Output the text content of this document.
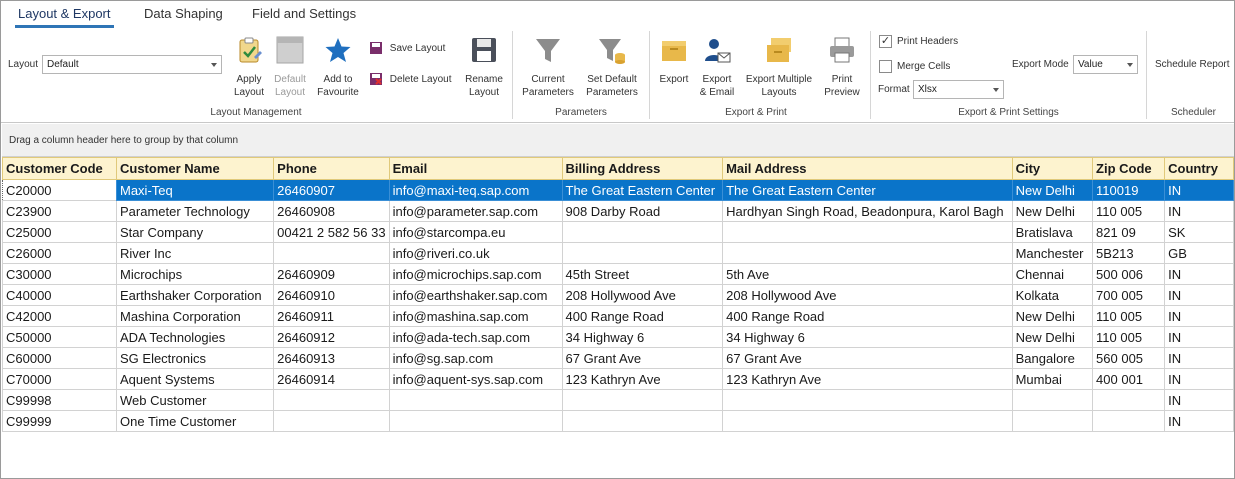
Layout & Export	Data Shaping Field and Settings
Layout Default
Apply
Layout
Default
Layout
Add to
Favourite
Save Layout
Delete Layout Rename
Layout
Layout Management
Current
Parameters
Set Default
Parameters
Parameters
Export	Export
& Email
Export Multiple
Layouts
Print
Preview
Export & Print
✓ Print Headers
Merge Cells
Format Xlsx
Export Mode Value
Export & Print Settings
Schedule Report
Scheduler
Drag a column header here to group by that column
Customer Code	Customer Name	Phone	Email	Billing Address	Mail Address	City	Zip Code	Country
C20000	Maxi-Teq	26460907	info@maxi-teq.sap.com	The Great Eastern Center	The Great Eastern Center	New Delhi	110019	IN
C23900	Parameter Technology	26460908	info@parameter.sap.com	908 Darby Road	Hardhyan Singh Road, Beadonpura, Karol Bagh	New Delhi	110 005	IN
C25000	Star Company	00421 2 582 56 33	info@starcompa.eu			Bratislava	821 09	SK
C26000	River Inc		info@riveri.co.uk			Manchester	5B213	GB
C30000	Microchips	26460909	info@microchips.sap.com	45th Street	5th Ave	Chennai	500 006	IN
C40000	Earthshaker Corporation	26460910	info@earthshaker.sap.com	208 Hollywood Ave	208 Hollywood Ave	Kolkata	700 005	IN
C42000	Mashina Corporation	26460911	info@mashina.sap.com	400 Range Road	400 Range Road	New Delhi	110 005	IN
C50000	ADA Technologies	26460912	info@ada-tech.sap.com	34 Highway 6	34 Highway 6	New Delhi	110 005	IN
C60000	SG Electronics	26460913	info@sg.sap.com	67 Grant Ave	67 Grant Ave	Bangalore	560 005	IN
C70000	Aquent Systems	26460914	info@aquent-sys.sap.com	123 Kathryn Ave	123 Kathryn Ave	Mumbai	400 001	IN
C99998	Web Customer							IN
C99999	One Time Customer							IN
